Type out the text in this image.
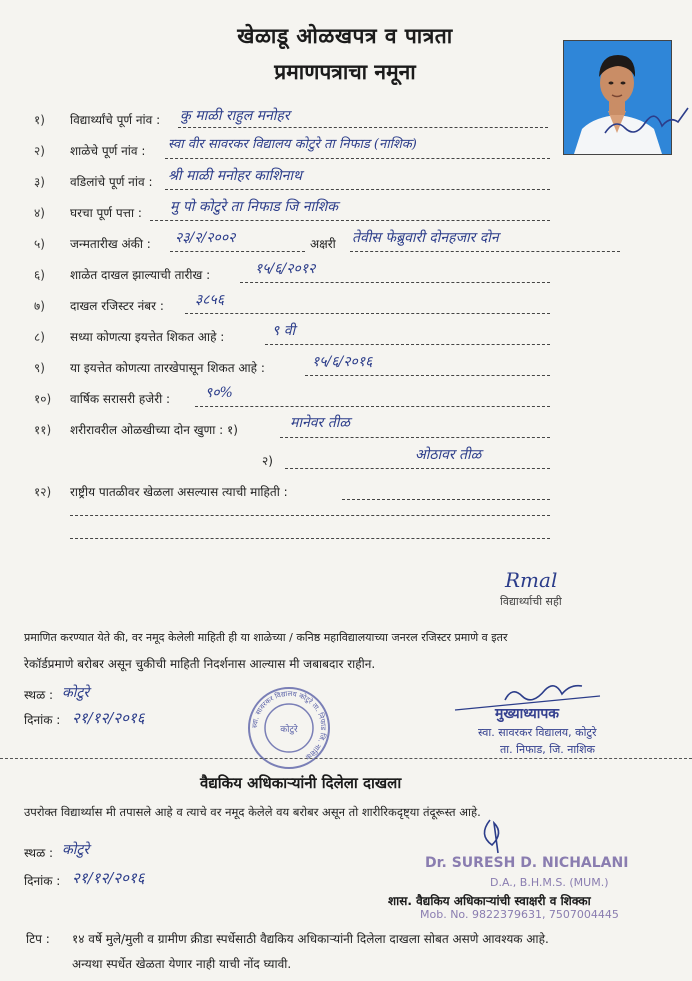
खेळाडू ओळखपत्र व पात्रता
प्रमाणपत्राचा नमूना
१)	विद्यार्थ्यांचे पूर्ण नांव : कु माळी राहुल मनोहर
२)	शाळेचे पूर्ण नांव : स्वा वीर सावरकर विद्यालय कोटुरे ता निफाड (नाशिक)
३)	वडिलांचे पूर्ण नांव : श्री माळी मनोहर काशिनाथ
४)	घरचा पूर्ण पत्ता : मु पो कोटुरे ता निफाड जि नाशिक
५)	जन्मतारीख अंकी : २३/२/२००२	अक्षरी तेवीस फेब्रुवारी दोनहजार दोन
६)	शाळेत दाखल झाल्याची तारीख :	१५/६/२०१२
७)	दाखल रजिस्टर नंबर : ३८५६
८)	सध्या कोणत्या इयत्तेत शिकत आहे :	९ वी
९)	या इयत्तेत कोणत्या तारखेपासून शिकत आहे :	१५/६/२०१६
१०)	वार्षिक सरासरी हजेरी : ९०%
११)	शरीरावरील ओळखीच्या दोन खुणा : १)	मानेवर तीळ
२)	ओठावर तीळ
१२)	राष्ट्रीय पातळीवर खेळला असल्यास त्याची माहिती :
Rmal
विद्यार्थ्याची सही
प्रमाणित करण्यात येते की, वर नमूद केलेली माहिती ही या शाळेच्या / कनिष्ठ महाविद्यालयाच्या जनरल रजिस्टर प्रमाणे व इतर
रेकॉर्डप्रमाणे बरोबर असून चुकीची माहिती निदर्शनास आल्यास मी जबाबदार राहीन.
स्थळ : कोटुरे
दिनांक : २१/१२/२०१६	स्वा. सावरकर विद्यालय कोटुरे ता. निफाड जि. नाशिक
कोटुरे
मुख्याध्यापक
स्वा. सावरकर विद्यालय, कोटुरे
ता. निफाड, जि. नाशिक
वैद्यकिय अधिकाऱ्यांनी दिलेला दाखला
उपरोक्त विद्यार्थ्यास मी तपासले आहे व त्याचे वर नमूद केलेले वय बरोबर असून तो शारीरिकदृष्ट्या तंदूरूस्त आहे.
स्थळ : कोटुरे
दिनांक : २१/१२/२०१६
Dr. SURESH D. NICHALANI
D.A., B.H.M.S. (MUM.)
शास. वैद्यकिय अधिकाऱ्यांची स्वाक्षरी व शिक्का
Mob. No. 9822379631, 7507004445
टिप : १४ वर्षे मुले/मुली व ग्रामीण क्रीडा स्पर्धेसाठी वैद्यकिय अधिकाऱ्यांनी दिलेला दाखला सोबत असणे आवश्यक आहे.
अन्यथा स्पर्धेत खेळता येणार नाही याची नोंद घ्यावी.
